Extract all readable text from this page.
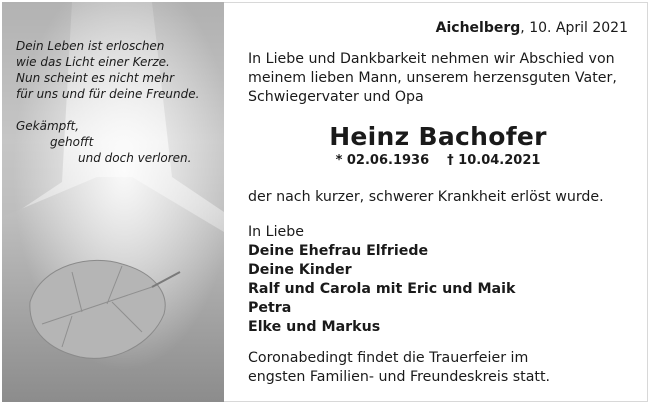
Dein Leben ist erloschen
wie das Licht einer Kerze.
Nun scheint es nicht mehr
für uns und für deine Freunde.
Gekämpft,
gehofft
und doch verloren.
Aichelberg, 10. April 2021
In Liebe und Dankbarkeit nehmen wir Abschied von
meinem lieben Mann, unserem herzensguten Vater,
Schwiegervater und Opa
Heinz Bachofer
* 02.06.1936 † 10.04.2021
der nach kurzer, schwerer Krankheit erlöst wurde.
In Liebe
Deine Ehefrau Elfriede
Deine Kinder
Ralf und Carola mit Eric und Maik
Petra
Elke und Markus
Coronabedingt findet die Trauerfeier im
engsten Familien- und Freundeskreis statt.
